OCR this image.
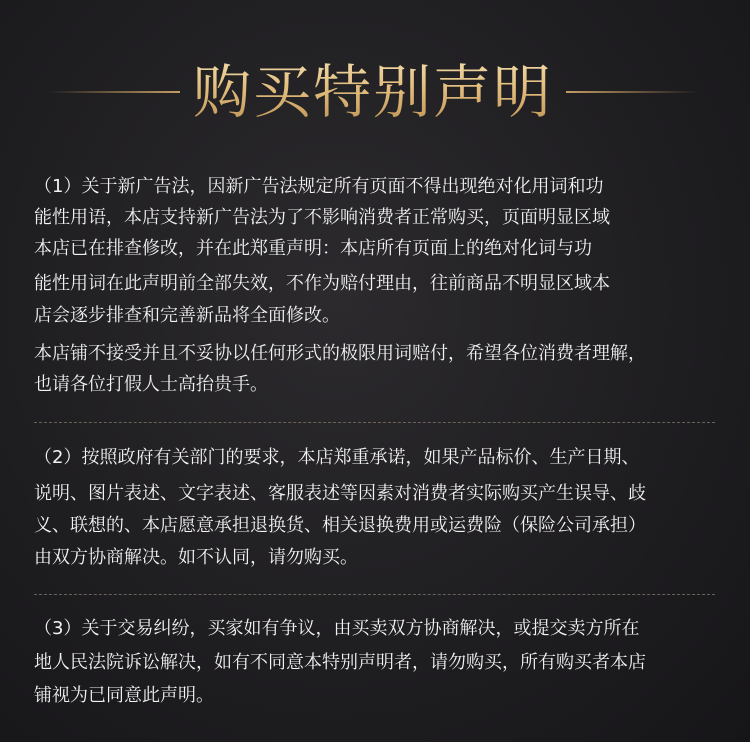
购买特别声明
（1）关于新广告法，因新广告法规定所有页面不得出现绝对化用词和功
能性用语，本店支持新广告法为了不影响消费者正常购买，页面明显区域
本店已在排查修改，并在此郑重声明：本店所有页面上的绝对化词与功
能性用词在此声明前全部失效，不作为赔付理由，往前商品不明显区域本
店会逐步排查和完善新品将全面修改。
本店铺不接受并且不妥协以任何形式的极限用词赔付，希望各位消费者理解，
也请各位打假人士高抬贵手。
（2）按照政府有关部门的要求，本店郑重承诺，如果产品标价、生产日期、
说明、图片表述、文字表述、客服表述等因素对消费者实际购买产生误导、歧
义、联想的、本店愿意承担退换货、相关退换费用或运费险（保险公司承担）
由双方协商解决。如不认同，请勿购买。
（3）关于交易纠纷，买家如有争议，由买卖双方协商解决，或提交卖方所在
地人民法院诉讼解决，如有不同意本特别声明者，请勿购买，所有购买者本店
铺视为已同意此声明。
